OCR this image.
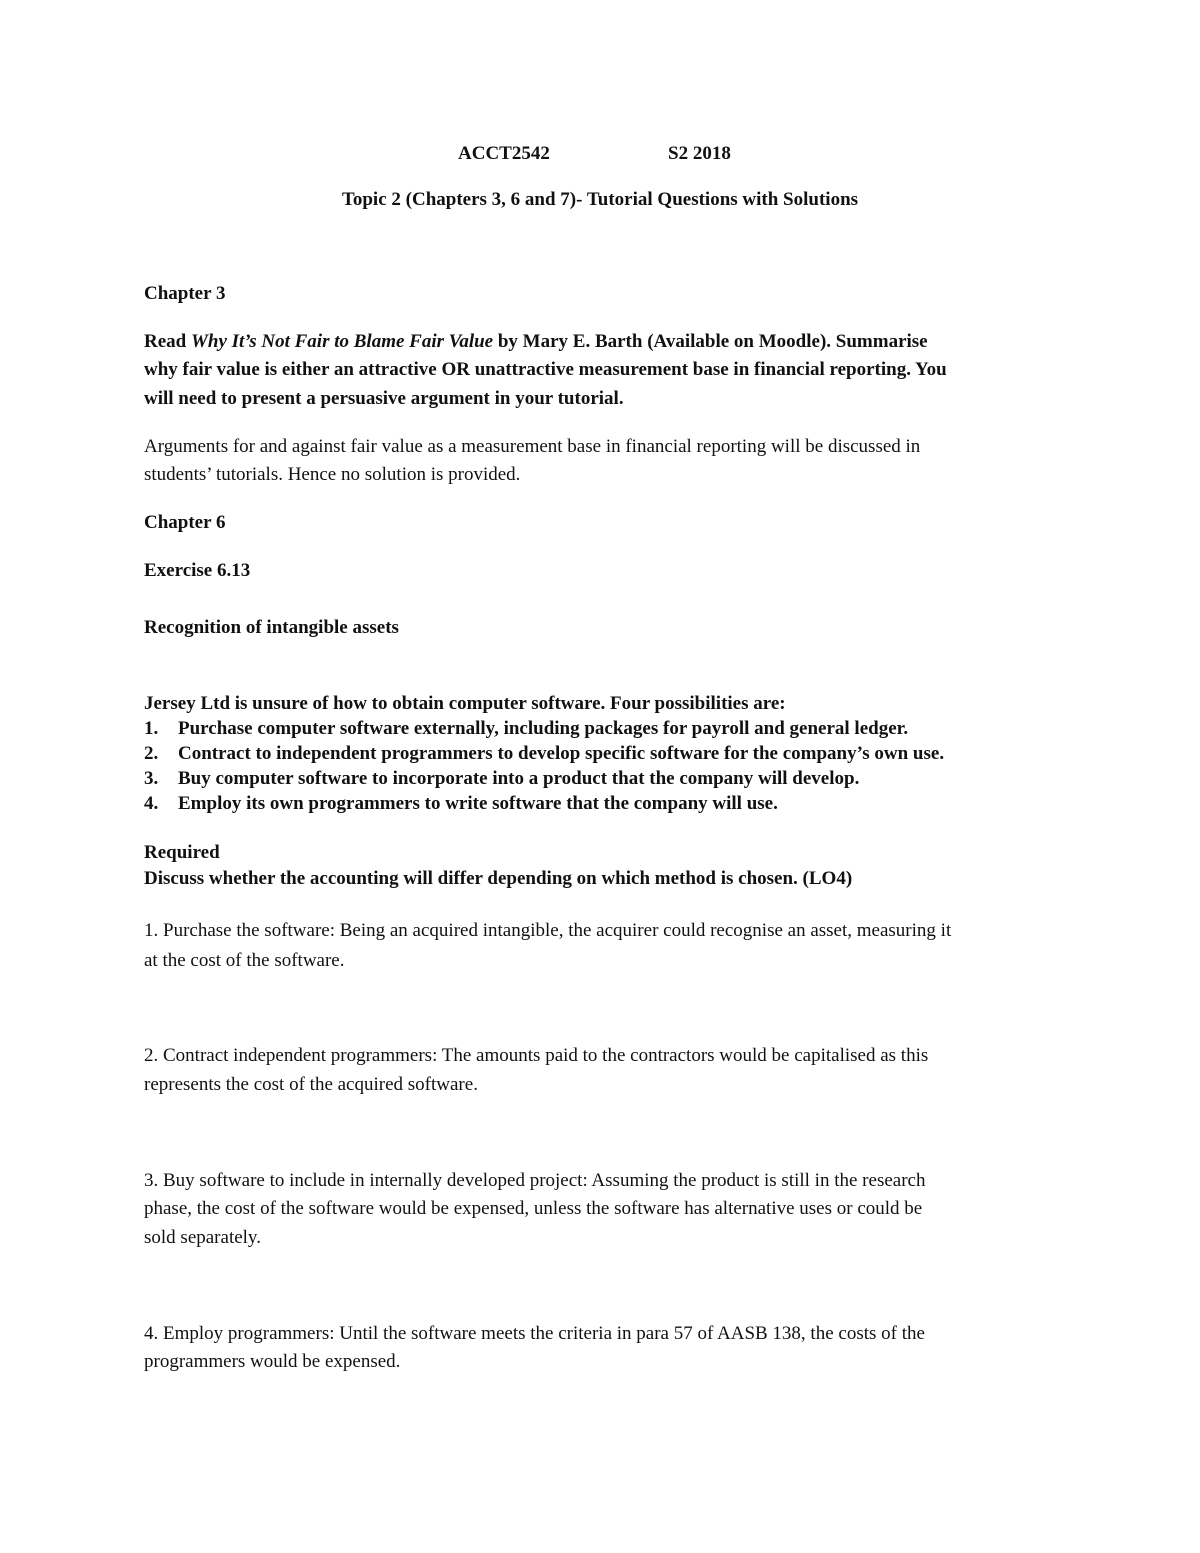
ACCT2542	S2 2018
Topic 2 (Chapters 3, 6 and 7)- Tutorial Questions with Solutions
Chapter 3
Read Why It’s Not Fair to Blame Fair Value by Mary E. Barth (Available on Moodle). Summarise
why fair value is either an attractive OR unattractive measurement base in financial reporting. You
will need to present a persuasive argument in your tutorial.
Arguments for and against fair value as a measurement base in financial reporting will be discussed in
students’ tutorials. Hence no solution is provided.
Chapter 6
Exercise 6.13
Recognition of intangible assets
Jersey Ltd is unsure of how to obtain computer software. Four possibilities are:
1. Purchase computer software externally, including packages for payroll and general ledger.
2. Contract to independent programmers to develop specific software for the company’s own use.
3. Buy computer software to incorporate into a product that the company will develop.
4. Employ its own programmers to write software that the company will use.
Required
Discuss whether the accounting will differ depending on which method is chosen. (LO4)
1. Purchase the software: Being an acquired intangible, the acquirer could recognise an asset, measuring it
at the cost of the software.
2. Contract independent programmers: The amounts paid to the contractors would be capitalised as this
represents the cost of the acquired software.
3. Buy software to include in internally developed project: Assuming the product is still in the research
phase, the cost of the software would be expensed, unless the software has alternative uses or could be
sold separately.
4. Employ programmers: Until the software meets the criteria in para 57 of AASB 138, the costs of the
programmers would be expensed.
